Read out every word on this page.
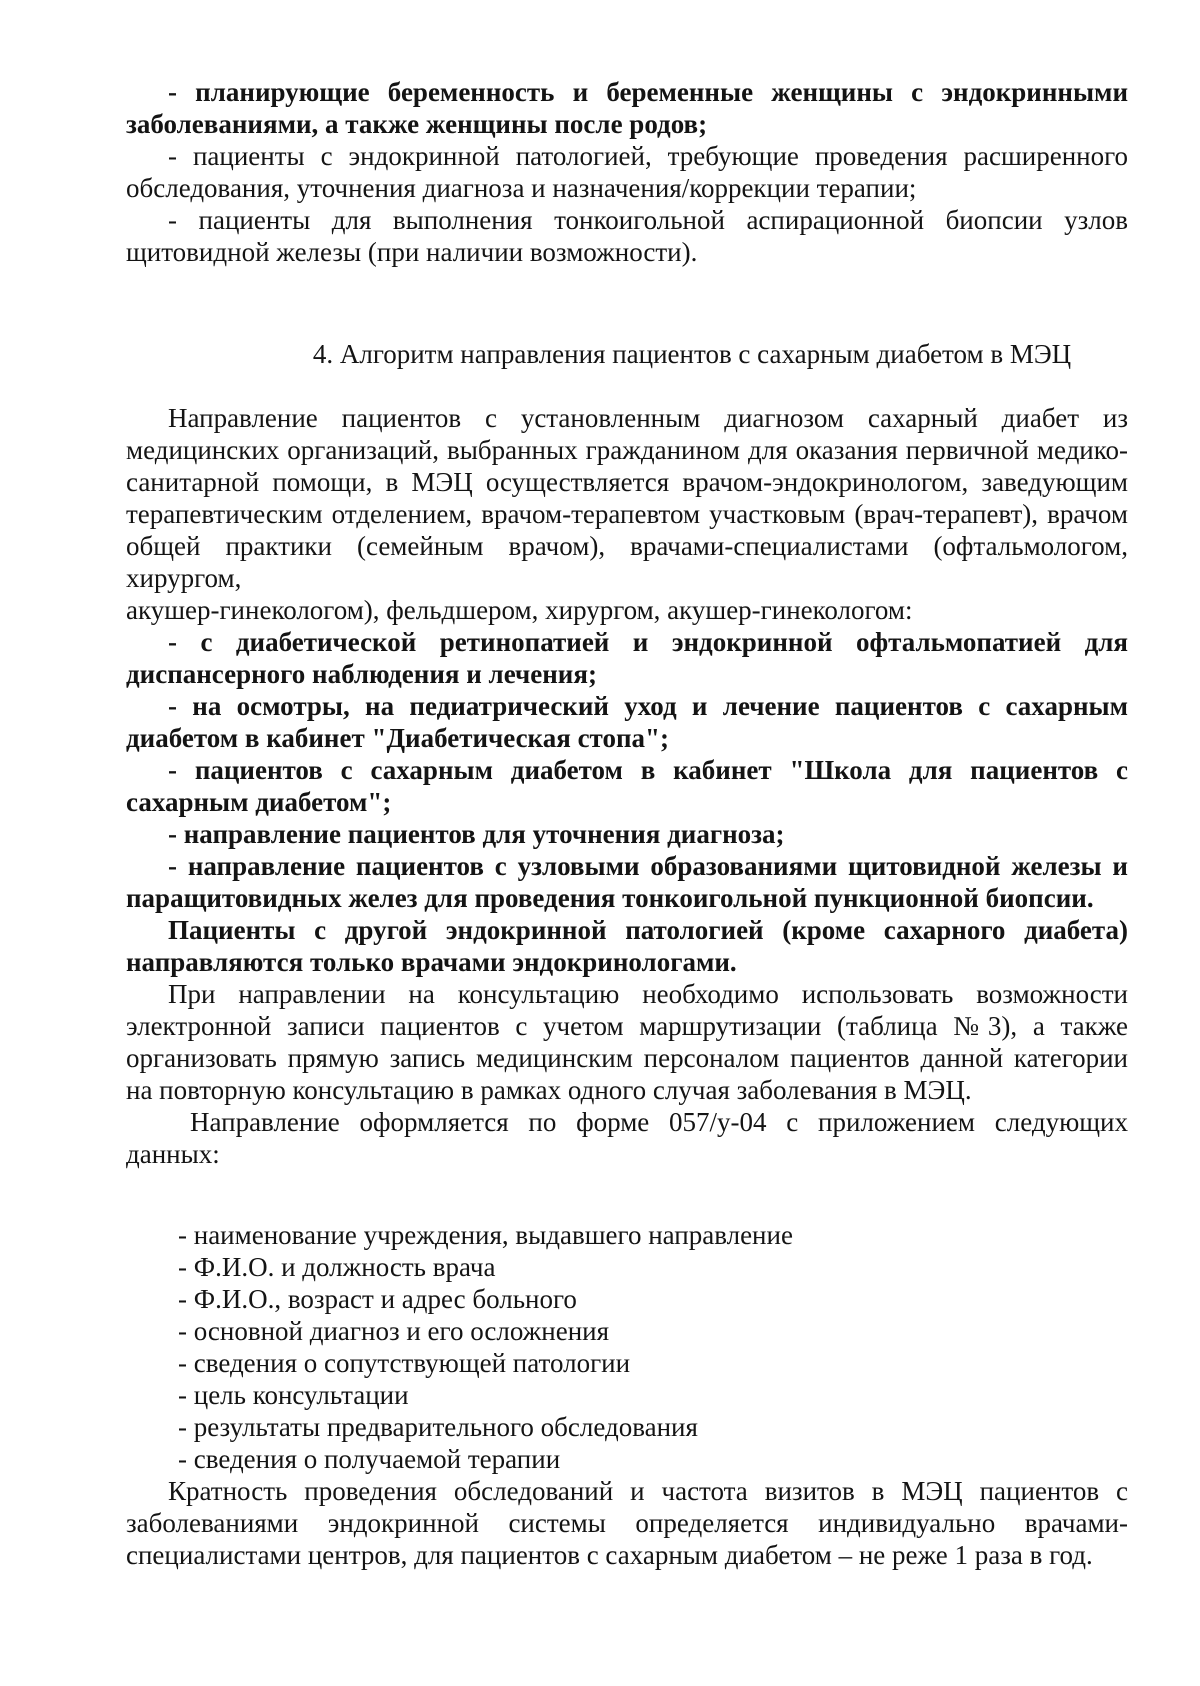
- планирующие беременность и беременные женщины с эндокринными заболеваниями, а также женщины после родов;

- пациенты с эндокринной патологией, требующие проведения расширенного обследования, уточнения диагноза и назначения/коррекции терапии;

- пациенты для выполнения тонкоигольной аспирационной биопсии узлов щитовидной железы (при наличии возможности).

4. Алгоритм направления пациентов с сахарным диабетом в МЭЦ

Направление пациентов с установленным диагнозом сахарный диабет из медицинских организаций, выбранных гражданином для оказания первичной медико-санитарной помощи, в МЭЦ осуществляется врачом-эндокринологом, заведующим терапевтическим отделением, врачом-терапевтом участковым (врач-терапевт), врачом общей практики (семейным врачом), врачами-специалистами (офтальмологом, хирургом,

акушер-гинекологом), фельдшером, хирургом, акушер-гинекологом:

- с диабетической ретинопатией и эндокринной офтальмопатией для диспансерного наблюдения и лечения;

- на осмотры, на педиатрический уход и лечение пациентов с сахарным диабетом в кабинет "Диабетическая стопа";

- пациентов с сахарным диабетом в кабинет "Школа для пациентов с сахарным диабетом";

- направление пациентов для уточнения диагноза;

- направление пациентов с узловыми образованиями щитовидной железы и паращитовидных желез для проведения тонкоигольной пункционной биопсии.

Пациенты с другой эндокринной патологией (кроме сахарного диабета) направляются только врачами эндокринологами.

При направлении на консультацию необходимо использовать возможности электронной записи пациентов с учетом маршрутизации (таблица №3), а также организовать прямую запись медицинским персоналом пациентов данной категории на повторную консультацию в рамках одного случая заболевания в МЭЦ.

Направление оформляется по форме 057/у-04 с приложением следующих данных:

- наименование учреждения, выдавшего направление

- Ф.И.О. и должность врача

- Ф.И.О., возраст и адрес больного

- основной диагноз и его осложнения

- сведения о сопутствующей патологии

- цель консультации

- результаты предварительного обследования

- сведения о получаемой терапии

Кратность проведения обследований и частота визитов в МЭЦ пациентов с заболеваниями эндокринной системы определяется индивидуально врачами-специалистами центров, для пациентов с сахарным диабетом – не реже 1 раза в год.
